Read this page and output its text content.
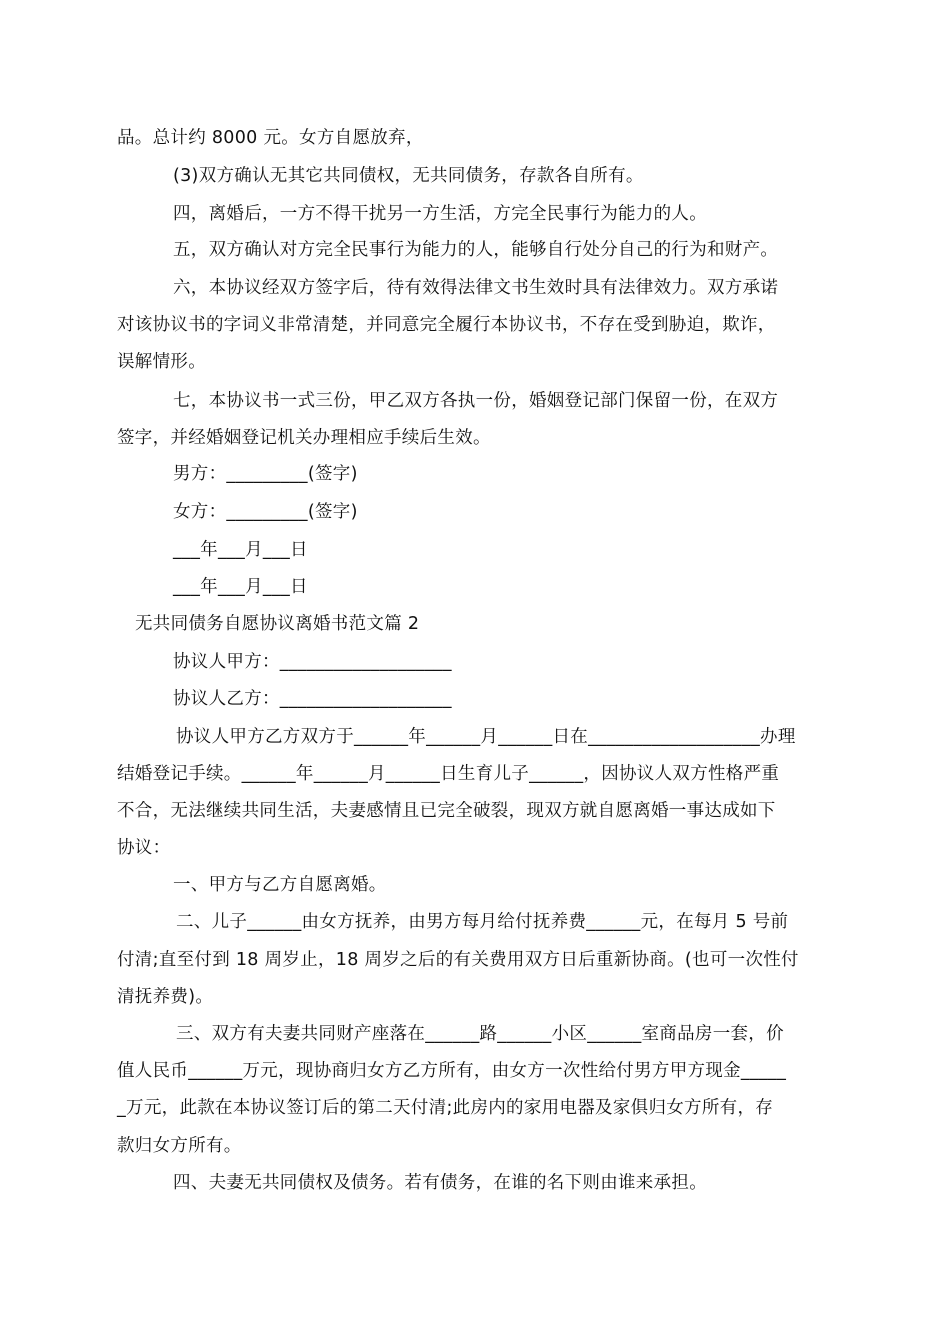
品。总计约 8000 元。女方自愿放弃，
(3)双方确认无其它共同债权，无共同债务，存款各自所有。
四，离婚后，一方不得干扰另一方生活，方完全民事行为能力的人。
五，双方确认对方完全民事行为能力的人，能够自行处分自己的行为和财产。
六，本协议经双方签字后，待有效得法律文书生效时具有法律效力。双方承诺
对该协议书的字词义非常清楚，并同意完全履行本协议书，不存在受到胁迫，欺诈，
误解情形。
七，本协议书一式三份，甲乙双方各执一份，婚姻登记部门保留一份，在双方
签字，并经婚姻登记机关办理相应手续后生效。
男方：_________(签字)
女方：_________(签字)
___年___月___日
___年___月___日
无共同债务自愿协议离婚书范文篇 2
协议人甲方：___________________
协议人乙方：___________________
协议人甲方乙方双方于______年______月______日在___________________办理
结婚登记手续。______年______月______日生育儿子______，因协议人双方性格严重
不合，无法继续共同生活，夫妻感情且已完全破裂，现双方就自愿离婚一事达成如下
协议：
一、甲方与乙方自愿离婚。
二、儿子______由女方抚养，由男方每月给付抚养费______元，在每月 5 号前
付清;直至付到 18 周岁止，18 周岁之后的有关费用双方日后重新协商。(也可一次性付
清抚养费)。
三、双方有夫妻共同财产座落在______路______小区______室商品房一套，价
值人民币______万元，现协商归女方乙方所有，由女方一次性给付男方甲方现金_____
_万元，此款在本协议签订后的第二天付清;此房内的家用电器及家俱归女方所有，存
款归女方所有。
四、夫妻无共同债权及债务。若有债务，在谁的名下则由谁来承担。
